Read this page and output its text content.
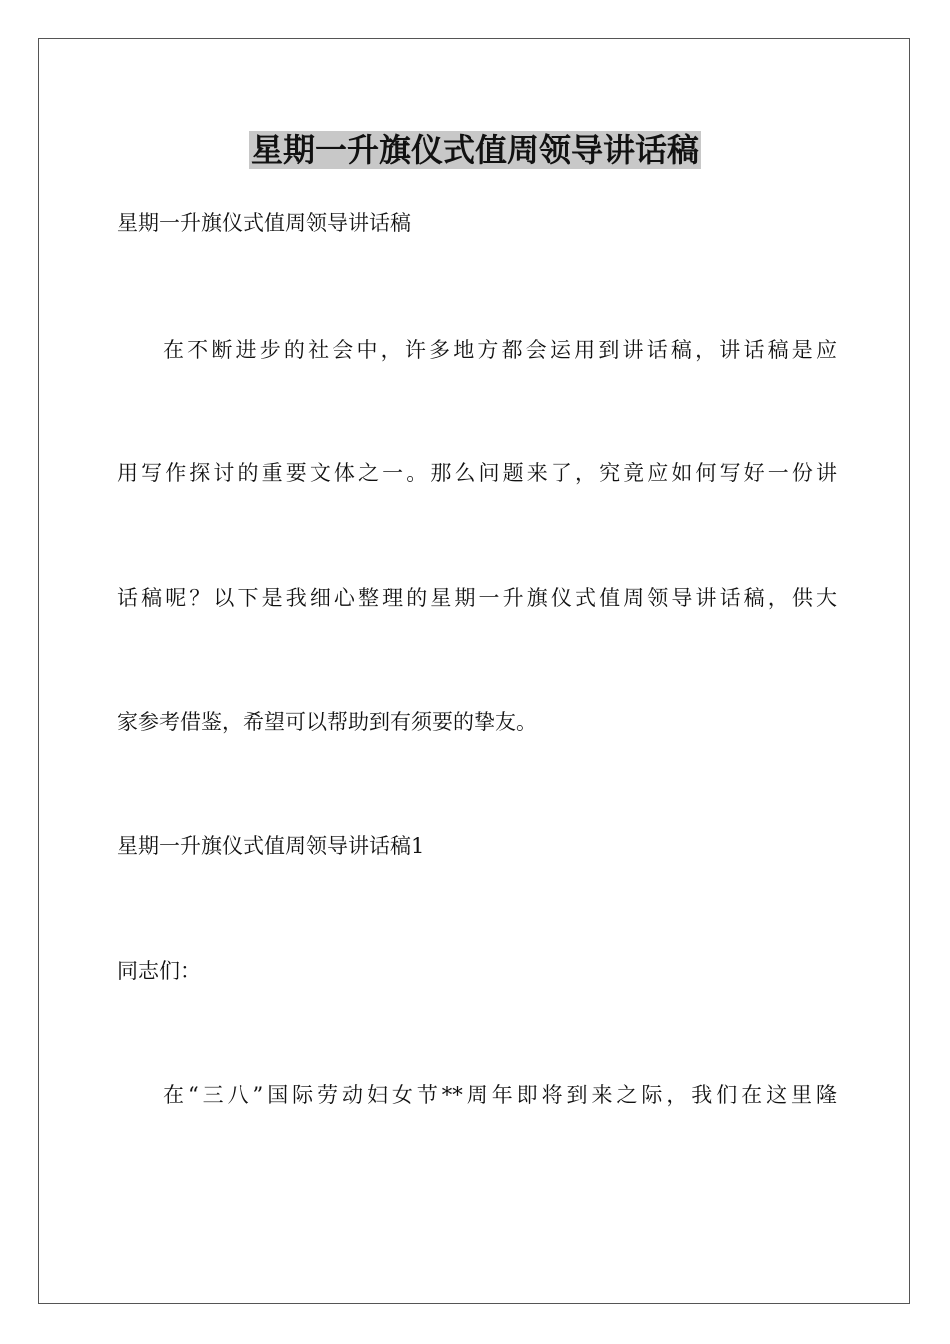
星期一升旗仪式值周领导讲话稿

星期一升旗仪式值周领导讲话稿

在不断进步的社会中，许多地方都会运用到讲话稿，讲话稿是应

用写作探讨的重要文体之一。那么问题来了，究竟应如何写好一份讲

话稿呢？以下是我细心整理的星期一升旗仪式值周领导讲话稿，供大

家参考借鉴，希望可以帮助到有须要的挚友。

星期一升旗仪式值周领导讲话稿1

同志们：

在“三八”国际劳动妇女节**周年即将到来之际，我们在这里隆
